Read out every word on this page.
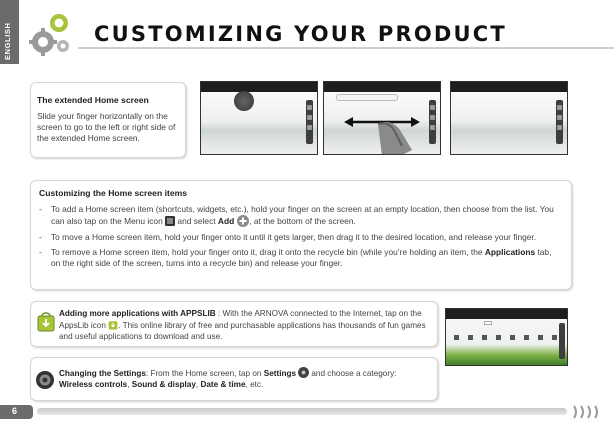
ENGLISH	CUSTOMIZING YOUR PRODUCT
The extended Home screen
Slide your finger horizontally on the screen to go to the left or right side of the extended Home screen.
Customizing the Home screen items
- To add a Home screen item (shortcuts, widgets, etc.), hold your finger on the screen at an empty location, then choose from the list. You can also tap on the Menu icon  and select Add , at the bottom of the screen.
- To move a Home screen item, hold your finger onto it until it gets larger, then drag it to the desired location, and release your finger.
- To remove a Home screen item, hold your finger onto it, drag it onto the recycle bin (while you’re holding an item, the Applications tab, on the right side of the screen, turns into a recycle bin) and release your finger.

Adding more applications with APPSLIB : With the ARNOVA connected to the Internet, tap on the AppsLib icon . This online library of free and purchasable applications has thousands of fun games and useful applications to download and use.

Changing the Settings: From the Home screen, tap on Settings and choose a category:
Wireless controls, Sound & display, Date & time, etc.

6
